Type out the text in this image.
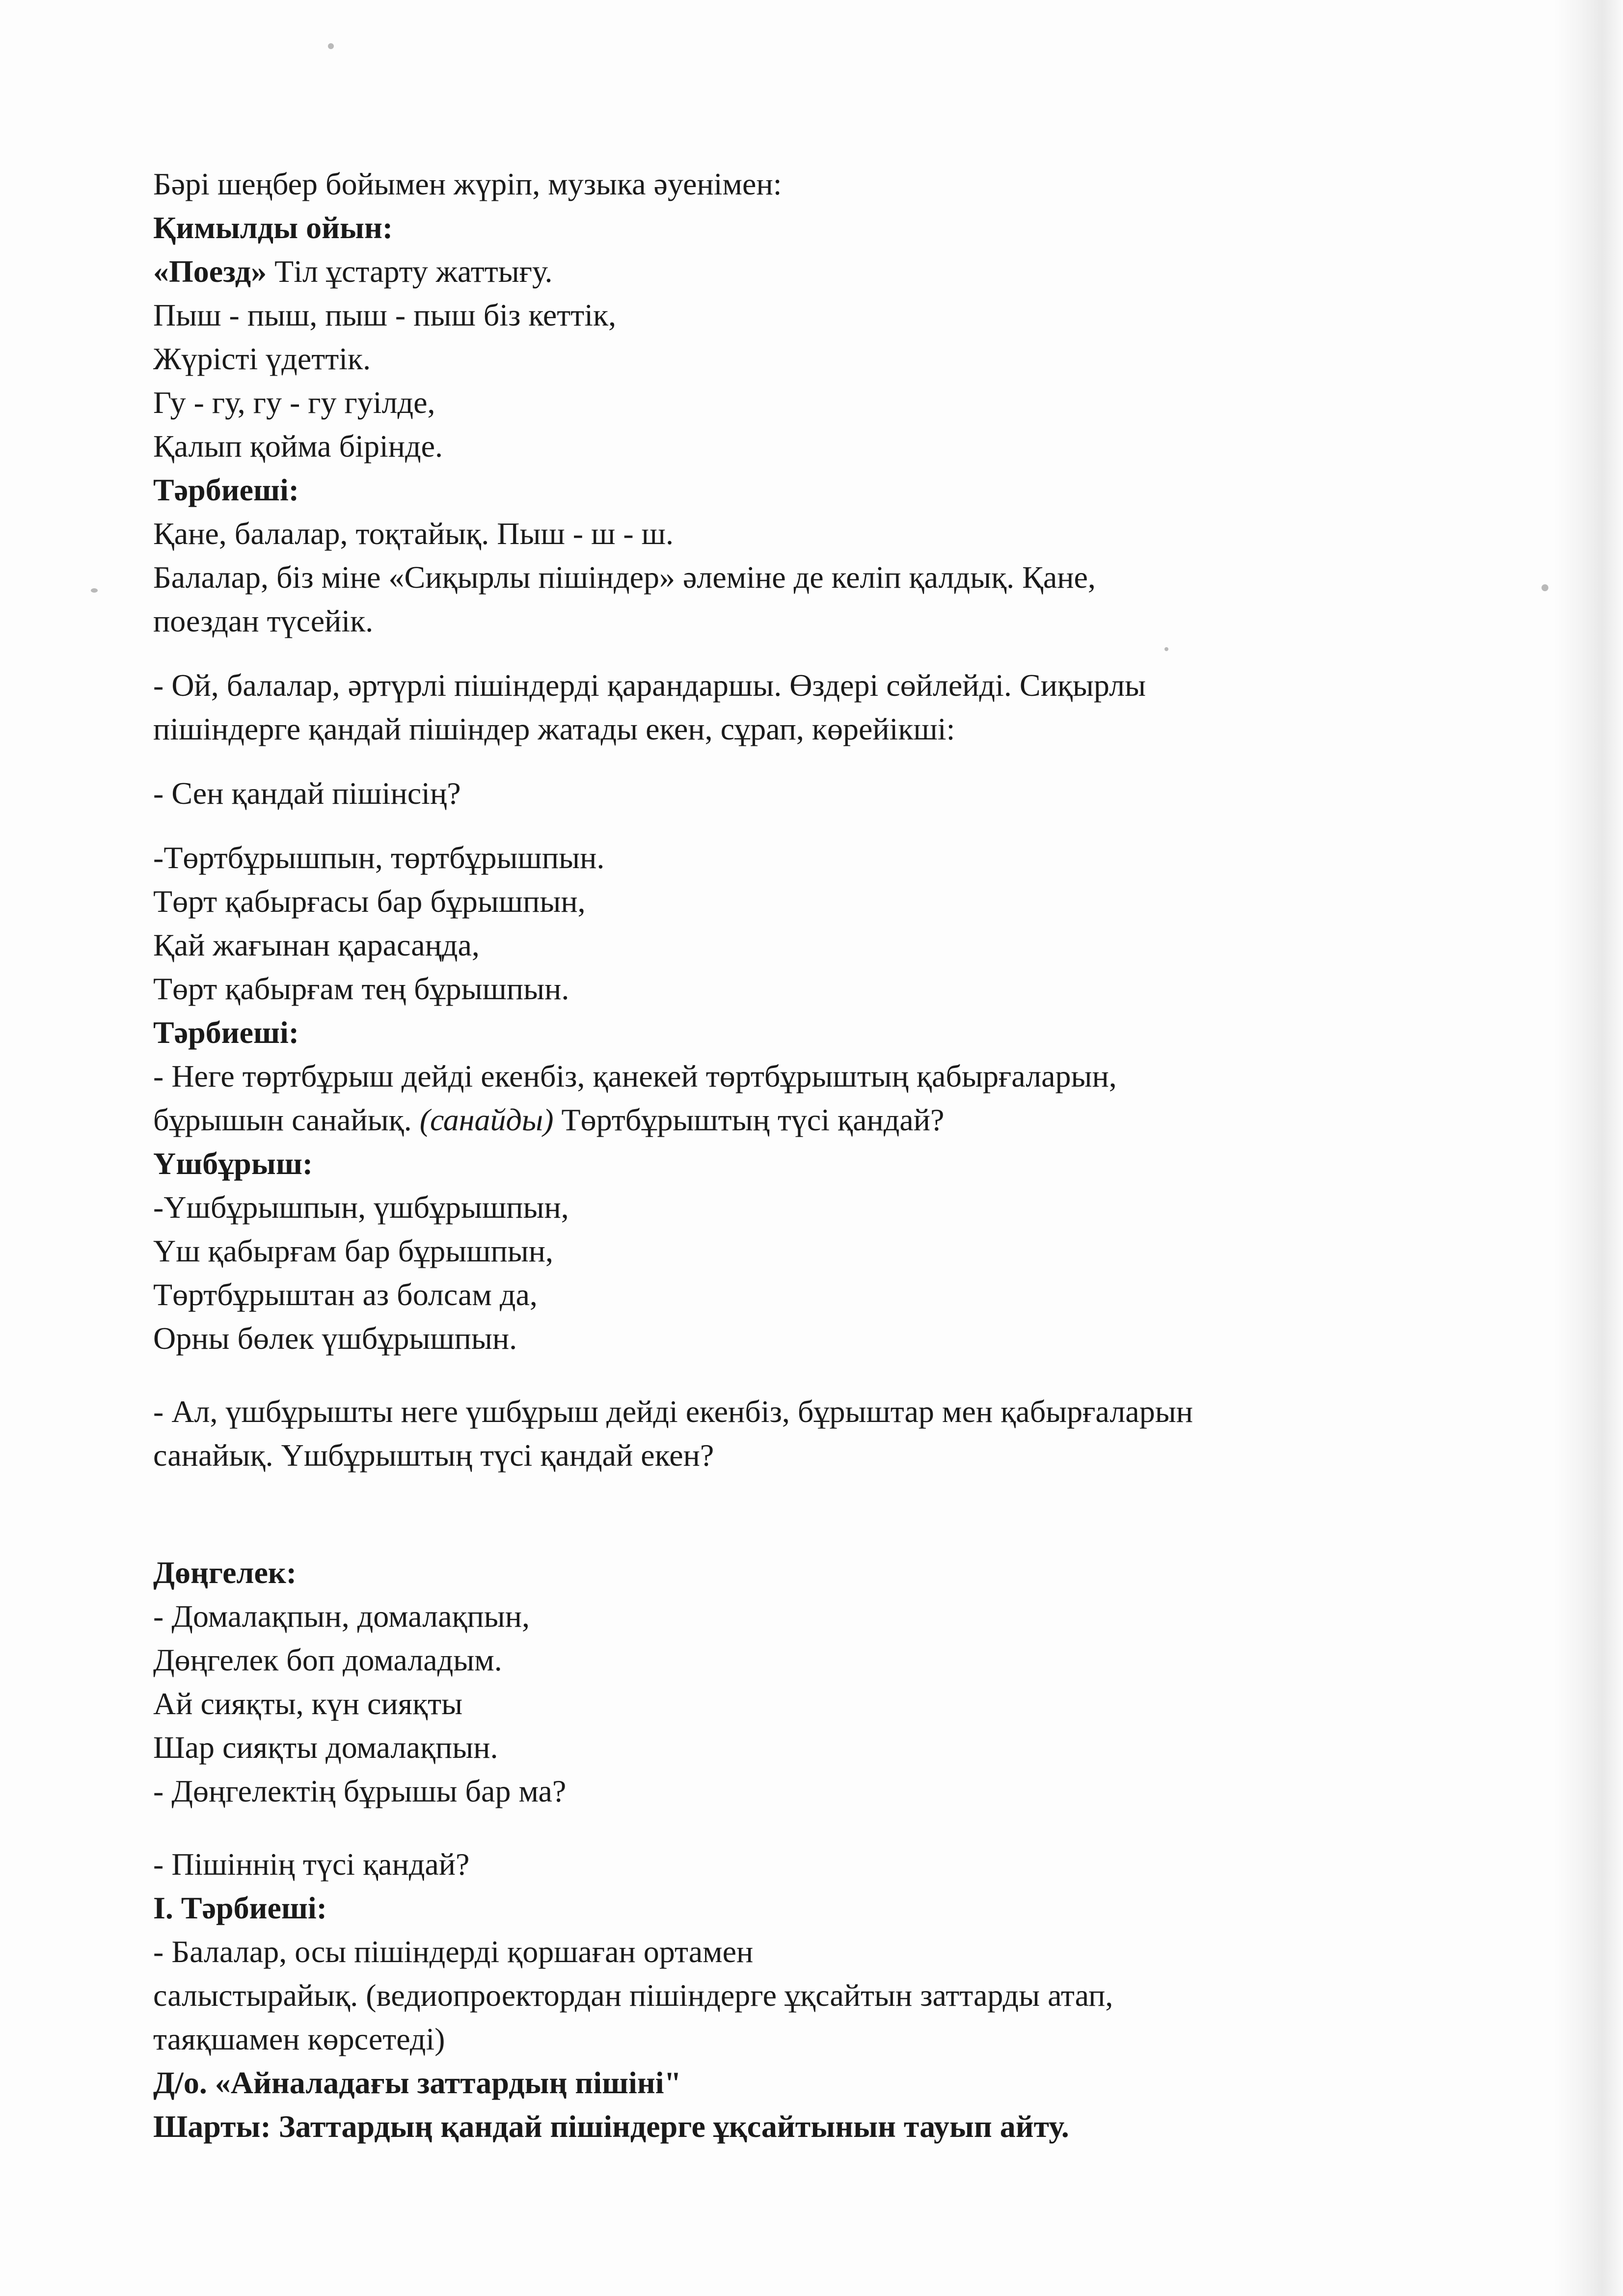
Бәрі шеңбер бойымен жүріп, музыка әуенімен:
Қимылды ойын:
«Поезд» Тіл ұстарту жаттығу.
Пыш - пыш, пыш - пыш біз кеттік,
Жүрісті үдеттік.
Гу - гу, гу - гу гуілде,
Қалып қойма бірінде.
Тәрбиеші:
Қане, балалар, тоқтайық. Пыш - ш - ш.
Балалар, біз міне «Сиқырлы пішіндер» әлеміне де келіп қалдық. Қане,
поездан түсейік.
- Ой, балалар, әртүрлі пішіндерді қарандаршы. Өздері сөйлейді. Сиқырлы
пішіндерге қандай пішіндер жатады екен, сұрап, көрейікші:
- Сен қандай пішінсің?
-Төртбұрышпын, төртбұрышпын.
Төрт қабырғасы бар бұрышпын,
Қай жағынан қарасаңда,
Төрт қабырғам тең бұрышпын.
Тәрбиеші:
- Неге төртбұрыш дейді екенбіз, қанекей төртбұрыштың қабырғаларын,
бұрышын санайық. (санайды) Төртбұрыштың түсі қандай?
Үшбұрыш:
-Үшбұрышпын, үшбұрышпын,
Үш қабырғам бар бұрышпын,
Төртбұрыштан аз болсам да,
Орны бөлек үшбұрышпын.
- Ал, үшбұрышты неге үшбұрыш дейді екенбіз, бұрыштар мен қабырғаларын
санайық. Үшбұрыштың түсі қандай екен?
Дөңгелек:
- Домалақпын, домалақпын,
Дөңгелек боп домаладым.
Ай сияқты, күн сияқты
Шар сияқты домалақпын.
- Дөңгелектің бұрышы бар ма?
- Пішіннің түсі қандай?
І. Тәрбиеші:
- Балалар, осы пішіндерді қоршаған ортамен
салыстырайық. (ведиопроектордан пішіндерге ұқсайтын заттарды атап,
таяқшамен көрсетеді)
Д/о. «Айналадағы заттардың пішіні"
Шарты: Заттардың қандай пішіндерге ұқсайтынын тауып айту.
